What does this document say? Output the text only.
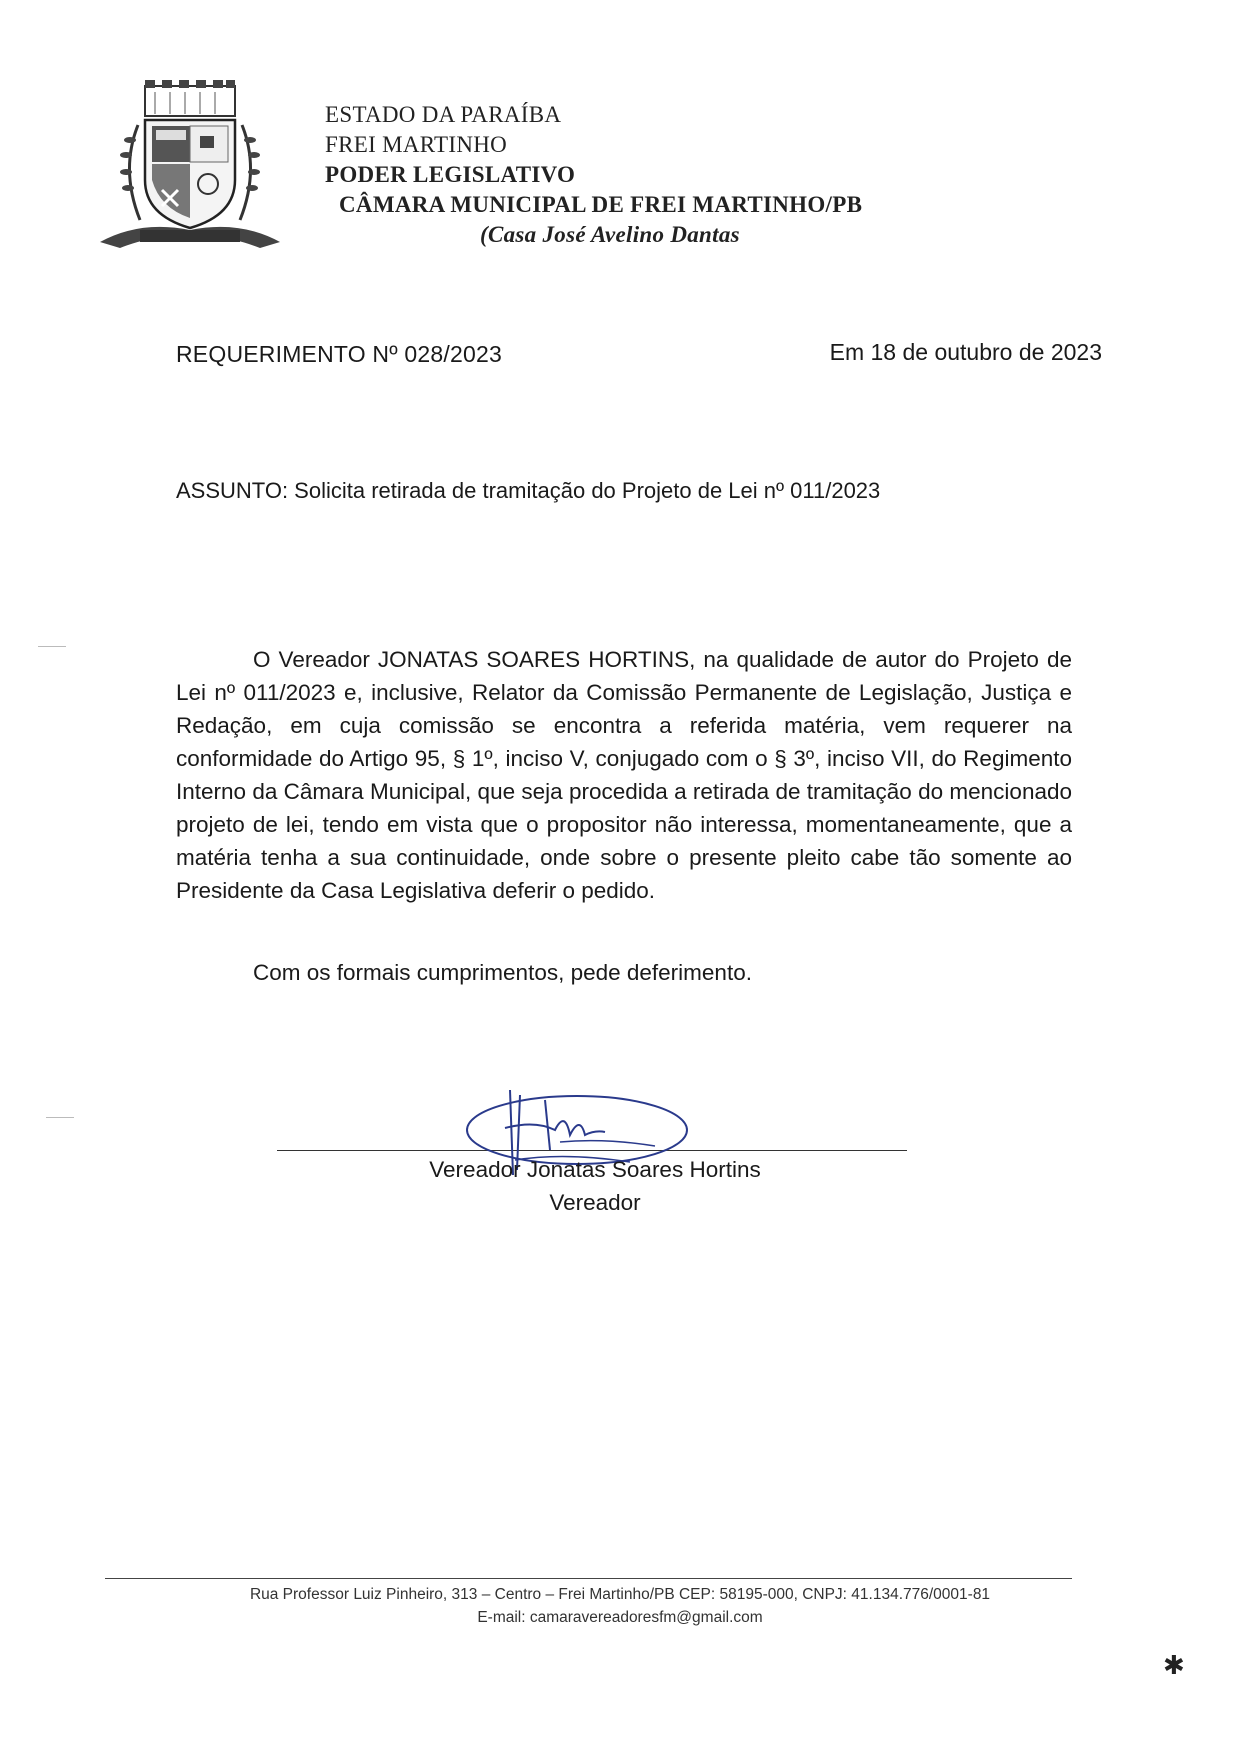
ESTADO DA PARAÍBA
FREI MARTINHO
PODER LEGISLATIVO
CÂMARA MUNICIPAL DE FREI MARTINHO/PB
(Casa José Avelino Dantas
REQUERIMENTO Nº 028/2023	Em 18 de outubro de 2023
ASSUNTO: Solicita retirada de tramitação do Projeto de Lei nº 011/2023
O Vereador JONATAS SOARES HORTINS, na qualidade de autor do Projeto de Lei nº 011/2023 e, inclusive, Relator da Comissão Permanente de Legislação, Justiça e Redação, em cuja comissão se encontra a referida matéria, vem requerer na conformidade do Artigo 95, § 1º, inciso V, conjugado com o § 3º, inciso VII, do Regimento Interno da Câmara Municipal, que seja procedida a retirada de tramitação do mencionado projeto de lei, tendo em vista que o propositor não interessa, momentaneamente, que a matéria tenha a sua continuidade, onde sobre o presente pleito cabe tão somente ao Presidente da Casa Legislativa deferir o pedido.
Com os formais cumprimentos, pede deferimento.
Vereador Jonatas Soares Hortins
Vereador
Rua Professor Luiz Pinheiro, 313 – Centro – Frei Martinho/PB CEP: 58195-000, CNPJ: 41.134.776/0001-81
E-mail: camaravereadoresfm@gmail.com
✱
